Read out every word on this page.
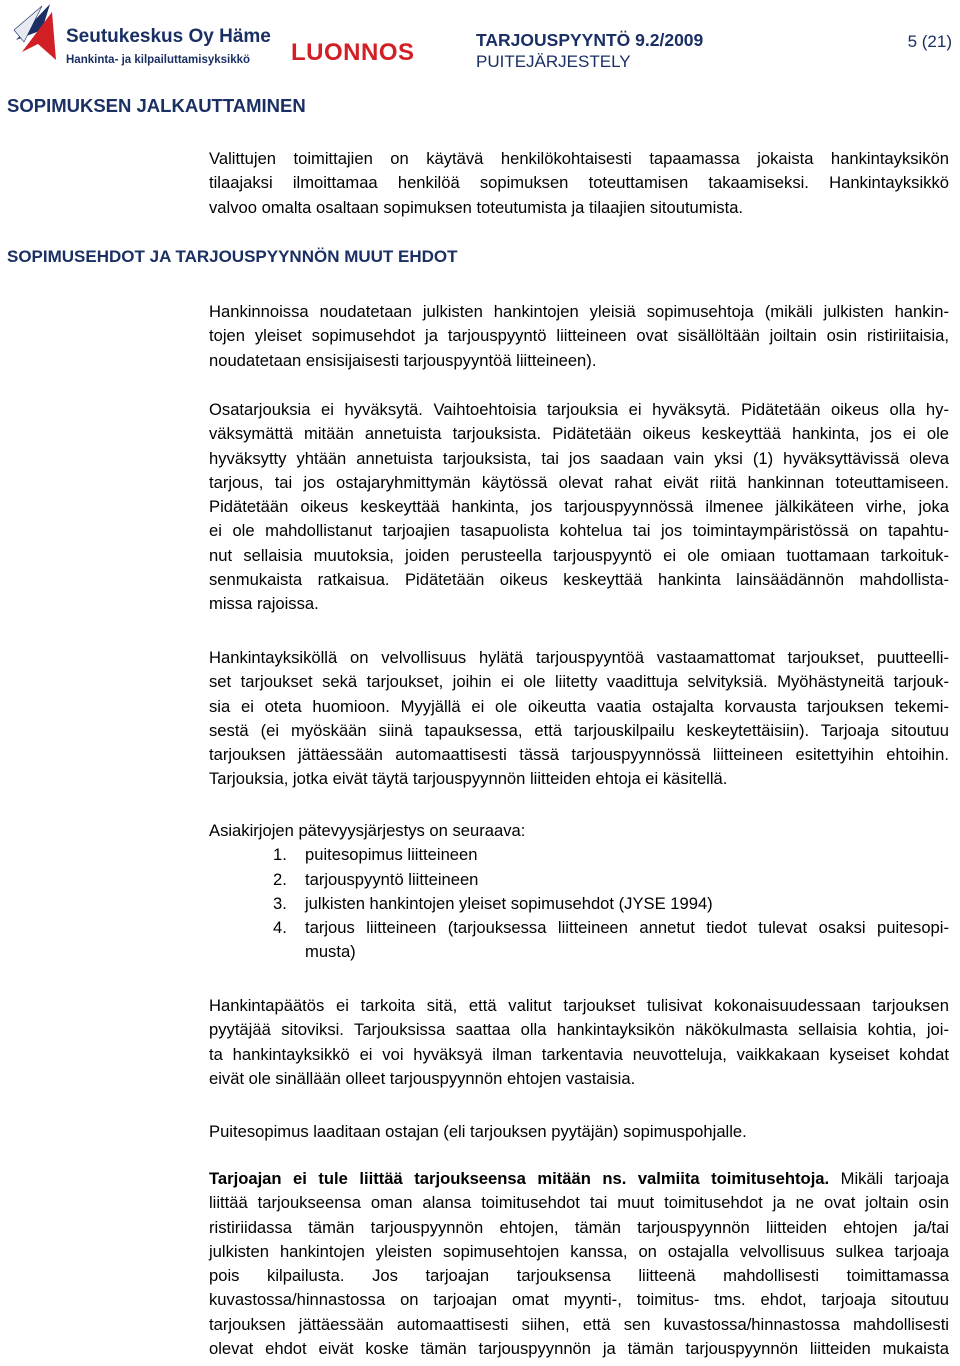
Seutukeskus Oy Häme
Hankinta- ja kilpailuttamisyksikkö LUONNOS	TARJOUSPYYNTÖ 9.2/2009
PUITEJÄRJESTELY
5 (21)
SOPIMUKSEN JALKAUTTAMINEN
Valittujen toimittajien on käytävä henkilökohtaisesti tapaamassa jokaista hankintayksikön
tilaajaksi ilmoittamaa henkilöä sopimuksen toteuttamisen takaamiseksi. Hankintayksikkö
valvoo omalta osaltaan sopimuksen toteutumista ja tilaajien sitoutumista.
SOPIMUSEHDOT JA TARJOUSPYYNNÖN MUUT EHDOT
Hankinnoissa noudatetaan julkisten hankintojen yleisiä sopimusehtoja (mikäli julkisten hankin-
tojen yleiset sopimusehdot ja tarjouspyyntö liitteineen ovat sisällöltään joiltain osin ristiriitaisia,
noudatetaan ensisijaisesti tarjouspyyntöä liitteineen).
Osatarjouksia ei hyväksytä. Vaihtoehtoisia tarjouksia ei hyväksytä. Pidätetään oikeus olla hy-
väksymättä mitään annetuista tarjouksista. Pidätetään oikeus keskeyttää hankinta, jos ei ole
hyväksytty yhtään annetuista tarjouksista, tai jos saadaan vain yksi (1) hyväksyttävissä oleva
tarjous, tai jos ostajaryhmittymän käytössä olevat rahat eivät riitä hankinnan toteuttamiseen.
Pidätetään oikeus keskeyttää hankinta, jos tarjouspyynnössä ilmenee jälkikäteen virhe, joka
ei ole mahdollistanut tarjoajien tasapuolista kohtelua tai jos toimintaympäristössä on tapahtu-
nut sellaisia muutoksia, joiden perusteella tarjouspyyntö ei ole omiaan tuottamaan tarkoituk-
senmukaista ratkaisua. Pidätetään oikeus keskeyttää hankinta lainsäädännön mahdollista-
missa rajoissa.
Hankintayksiköllä on velvollisuus hylätä tarjouspyyntöä vastaamattomat tarjoukset, puutteelli-
set tarjoukset sekä tarjoukset, joihin ei ole liitetty vaadittuja selvityksiä. Myöhästyneitä tarjouk-
sia ei oteta huomioon. Myyjällä ei ole oikeutta vaatia ostajalta korvausta tarjouksen tekemi-
sestä (ei myöskään siinä tapauksessa, että tarjouskilpailu keskeytettäisiin). Tarjoaja sitoutuu
tarjouksen jättäessään automaattisesti tässä tarjouspyynnössä liitteineen esitettyihin ehtoihin.
Tarjouksia, jotka eivät täytä tarjouspyynnön liitteiden ehtoja ei käsitellä.
Asiakirjojen pätevyysjärjestys on seuraava:
1. puitesopimus liitteineen
2. tarjouspyyntö liitteineen
3. julkisten hankintojen yleiset sopimusehdot (JYSE 1994)
4. tarjous liitteineen (tarjouksessa liitteineen annetut tiedot tulevat osaksi puitesopi-
musta)
Hankintapäätös ei tarkoita sitä, että valitut tarjoukset tulisivat kokonaisuudessaan tarjouksen
pyytäjää sitoviksi. Tarjouksissa saattaa olla hankintayksikön näkökulmasta sellaisia kohtia, joi-
ta hankintayksikkö ei voi hyväksyä ilman tarkentavia neuvotteluja, vaikkakaan kyseiset kohdat
eivät ole sinällään olleet tarjouspyynnön ehtojen vastaisia.
Puitesopimus laaditaan ostajan (eli tarjouksen pyytäjän) sopimuspohjalle.
Tarjoajan ei tule liittää tarjoukseensa mitään ns. valmiita toimitusehtoja. Mikäli tarjoaja
liittää tarjoukseensa oman alansa toimitusehdot tai muut toimitusehdot ja ne ovat joltain osin
ristiriidassa tämän tarjouspyynnön ehtojen, tämän tarjouspyynnön liitteiden ehtojen ja/tai
julkisten hankintojen yleisten sopimusehtojen kanssa, on ostajalla velvollisuus sulkea tarjoaja
pois kilpailusta. Jos tarjoajan tarjouksensa liitteenä mahdollisesti toimittamassa
kuvastossa/hinnastossa on tarjoajan omat myynti-, toimitus- tms. ehdot, tarjoaja sitoutuu
tarjouksen jättäessään automaattisesti siihen, että sen kuvastossa/hinnastossa mahdollisesti
olevat ehdot eivät koske tämän tarjouspyynnön ja tämän tarjouspyynnön liitteiden mukaista
